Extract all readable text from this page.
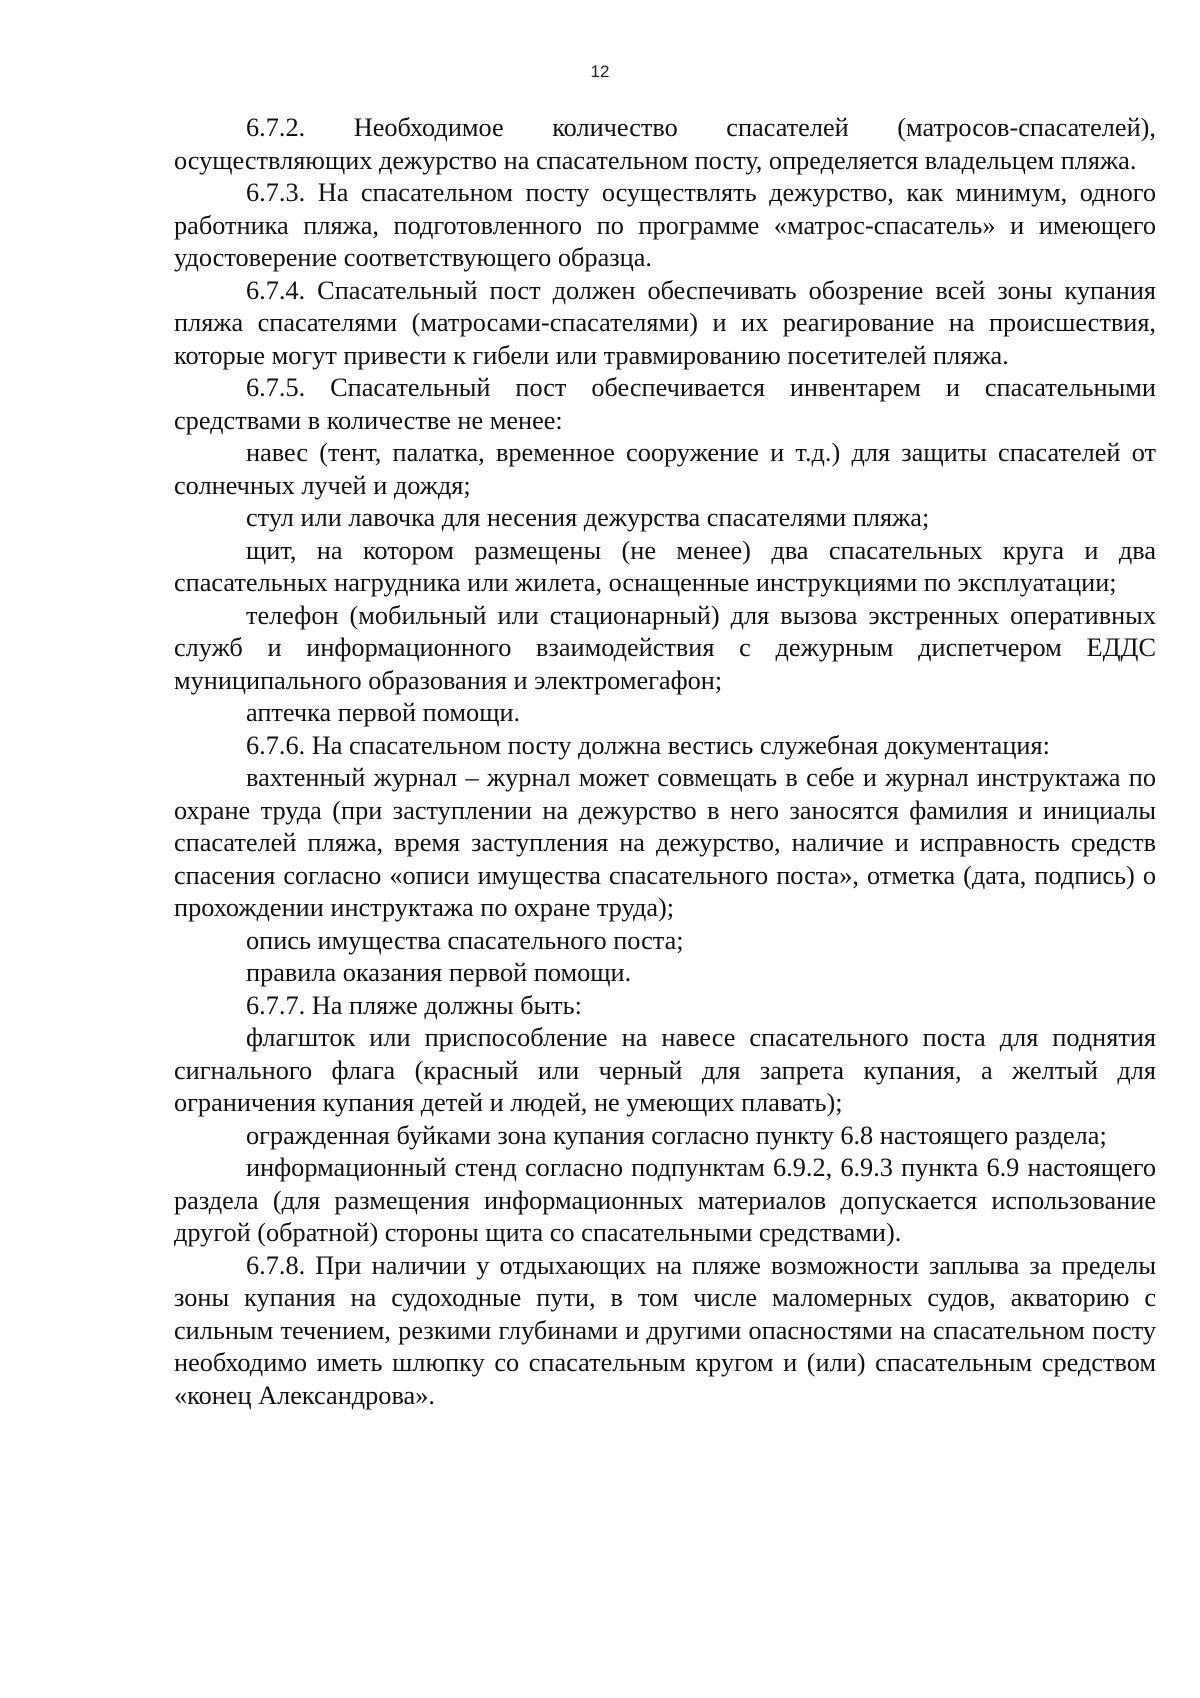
12

6.7.2. Необходимое количество спасателей (матросов-спасателей), осуществляющих дежурство на спасательном посту, определяется владельцем пляжа.

6.7.3. На спасательном посту осуществлять дежурство, как минимум, одного работника пляжа, подготовленного по программе «матрос-спасатель» и имеющего удостоверение соответствующего образца.

6.7.4. Спасательный пост должен обеспечивать обозрение всей зоны купания пляжа спасателями (матросами-спасателями) и их реагирование на происшествия, которые могут привести к гибели или травмированию посетителей пляжа.

6.7.5. Спасательный пост обеспечивается инвентарем и спасательными средствами в количестве не менее:

навес (тент, палатка, временное сооружение и т.д.) для защиты спасателей от солнечных лучей и дождя;

стул или лавочка для несения дежурства спасателями пляжа;

щит, на котором размещены (не менее) два спасательных круга и два спасательных нагрудника или жилета, оснащенные инструкциями по эксплуатации;

телефон (мобильный или стационарный) для вызова экстренных оперативных служб и информационного взаимодействия с дежурным диспетчером ЕДДС муниципального образования и электромегафон;

аптечка первой помощи.

6.7.6. На спасательном посту должна вестись служебная документация:

вахтенный журнал – журнал может совмещать в себе и журнал инструктажа по охране труда (при заступлении на дежурство в него заносятся фамилия и инициалы спасателей пляжа, время заступления на дежурство, наличие и исправность средств спасения согласно «описи имущества спасательного поста», отметка (дата, подпись) о прохождении инструктажа по охране труда);

опись имущества спасательного поста;

правила оказания первой помощи.

6.7.7. На пляже должны быть:

флагшток или приспособление на навесе спасательного поста для поднятия сигнального флага (красный или черный для запрета купания, а желтый для ограничения купания детей и людей, не умеющих плавать);

огражденная буйками зона купания согласно пункту 6.8 настоящего раздела;

информационный стенд согласно подпунктам 6.9.2, 6.9.3 пункта 6.9 настоящего раздела (для размещения информационных материалов допускается использование другой (обратной) стороны щита со спасательными средствами).

6.7.8. При наличии у отдыхающих на пляже возможности заплыва за пределы зоны купания на судоходные пути, в том числе маломерных судов, акваторию с сильным течением, резкими глубинами и другими опасностями на спасательном посту необходимо иметь шлюпку со спасательным кругом и (или) спасательным средством «конец Александрова».
